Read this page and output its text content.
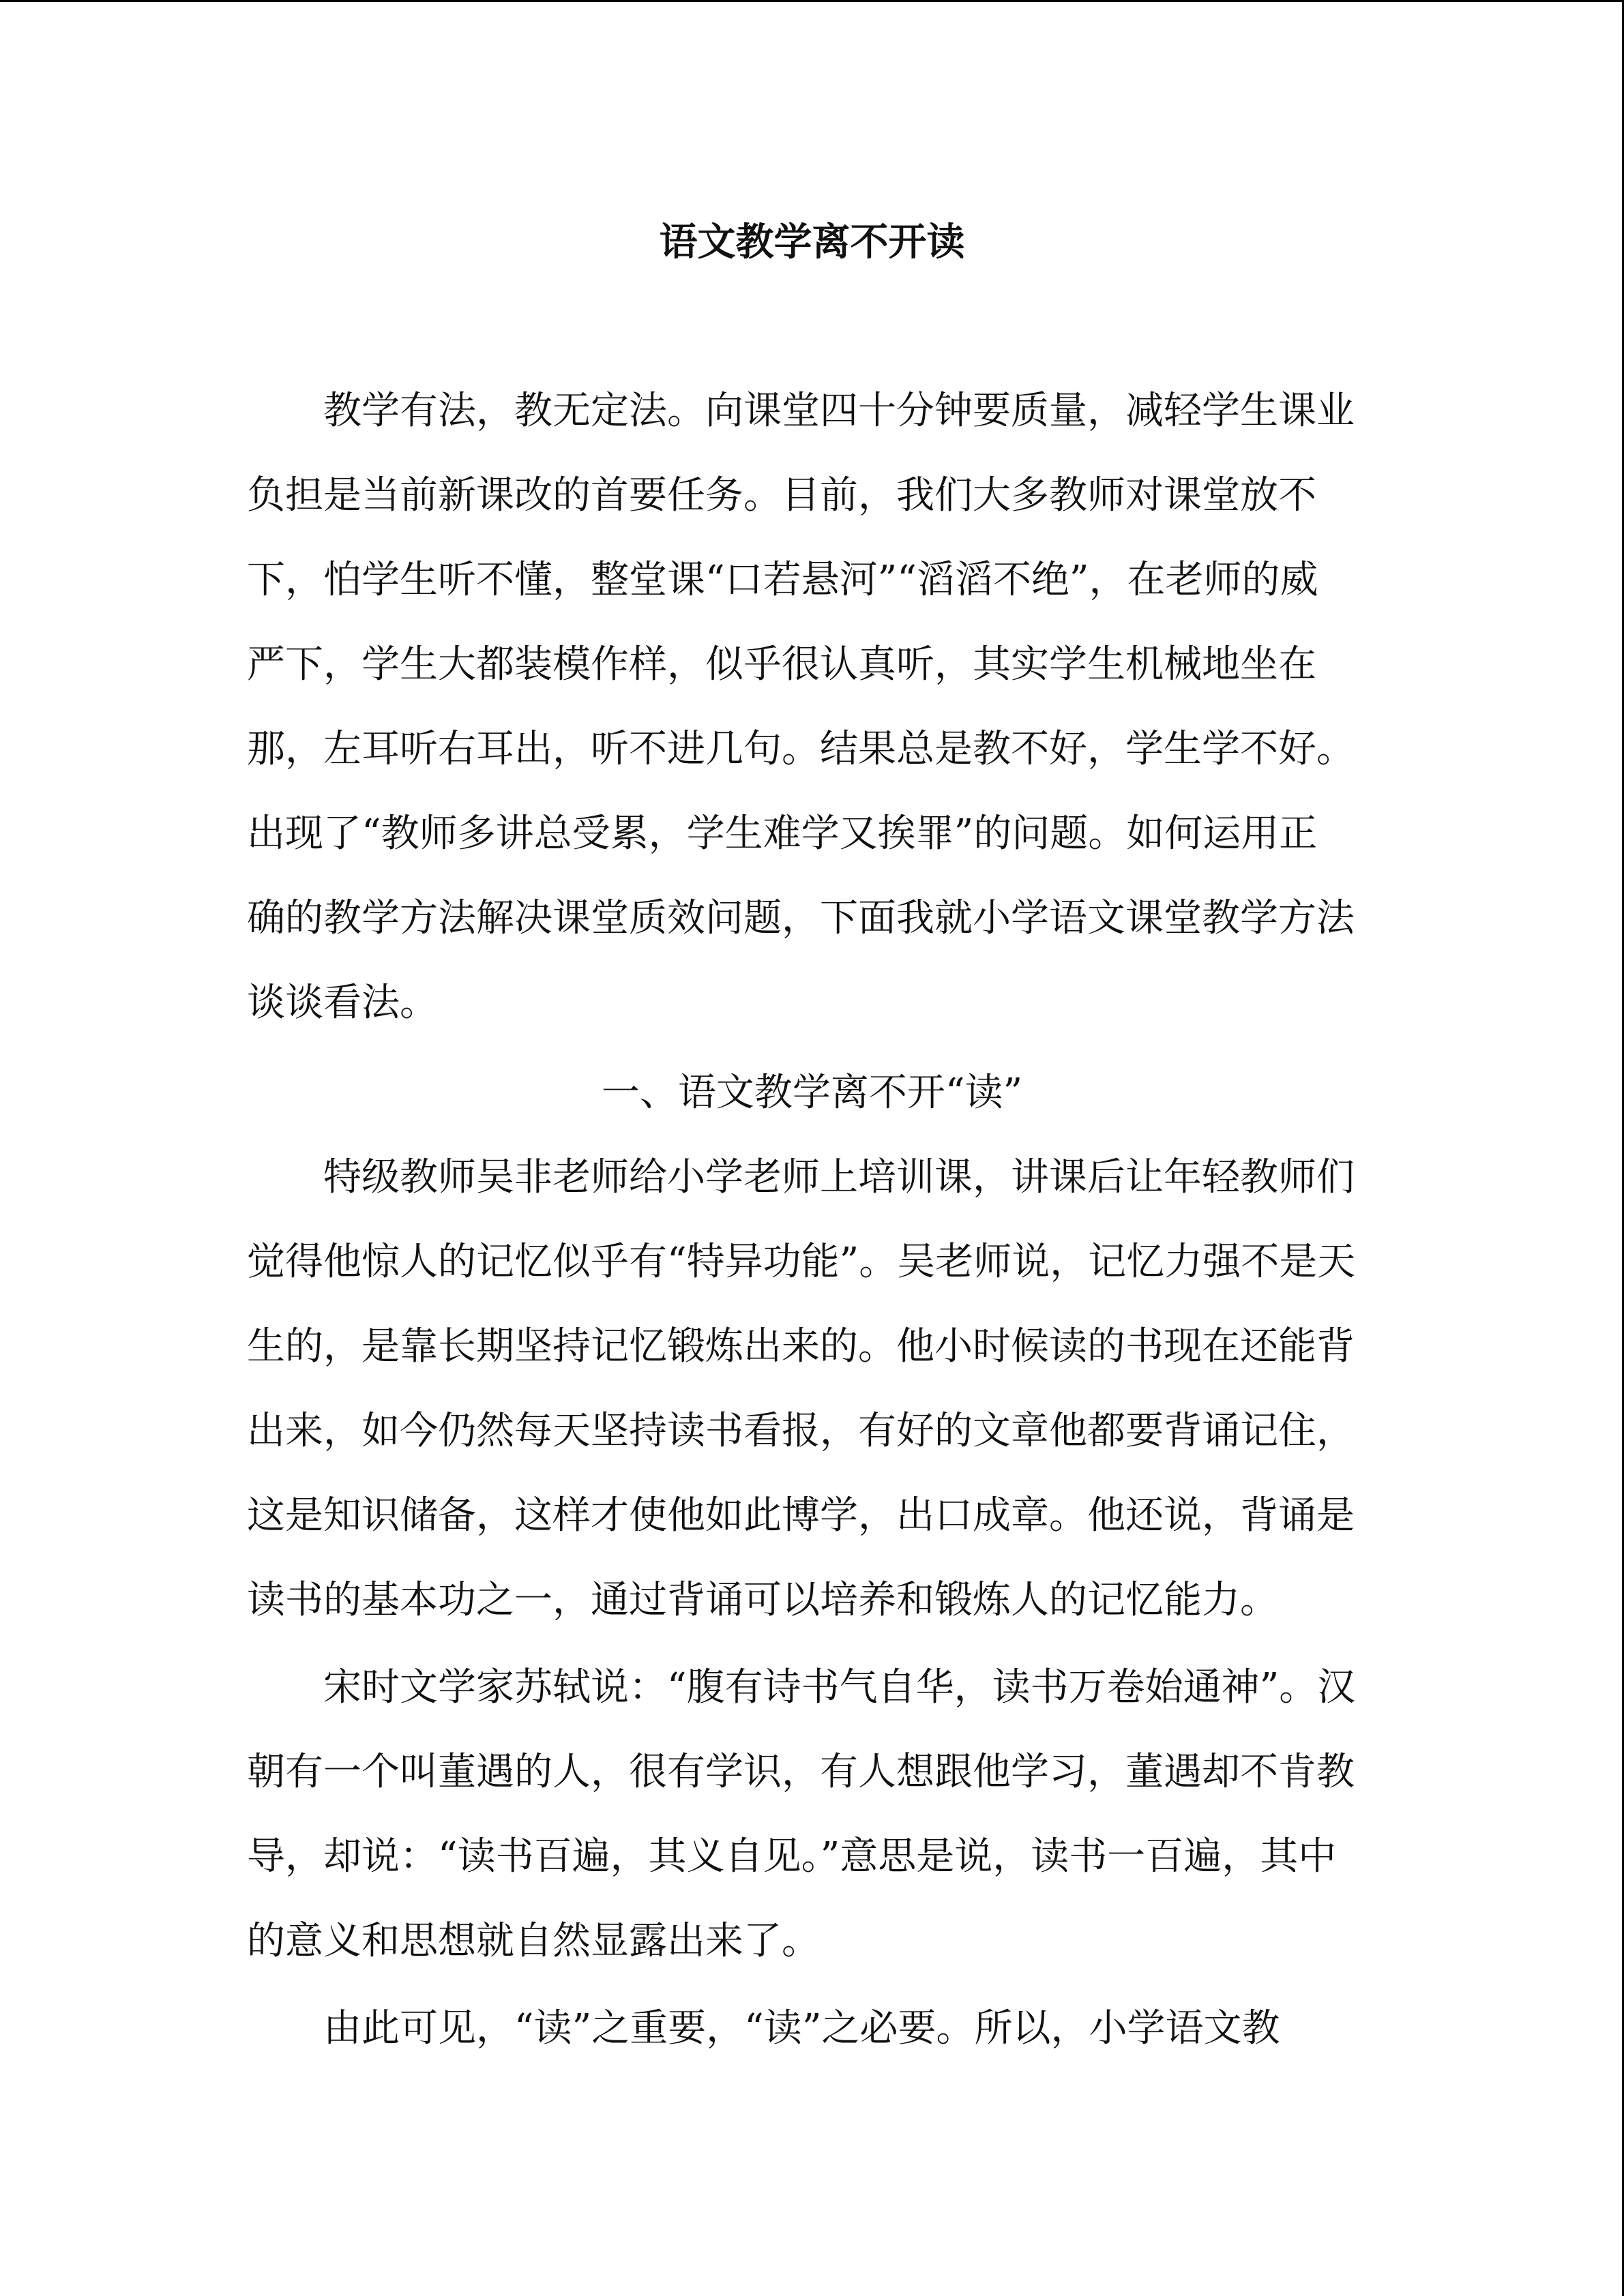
语文教学离不开读

教学有法，教无定法。向课堂四十分钟要质量，减轻学生课业

负担是当前新课改的首要任务。目前，我们大多教师对课堂放不

下，怕学生听不懂，整堂课“口若悬河”“滔滔不绝”，在老师的威

严下，学生大都装模作样，似乎很认真听，其实学生机械地坐在

那，左耳听右耳出，听不进几句。结果总是教不好，学生学不好。

出现了“教师多讲总受累，学生难学又挨罪”的问题。如何运用正

确的教学方法解决课堂质效问题，下面我就小学语文课堂教学方法

谈谈看法。

一、语文教学离不开“读”

特级教师吴非老师给小学老师上培训课，讲课后让年轻教师们

觉得他惊人的记忆似乎有“特异功能”。吴老师说，记忆力强不是天

生的，是靠长期坚持记忆锻炼出来的。他小时候读的书现在还能背

出来，如今仍然每天坚持读书看报，有好的文章他都要背诵记住，

这是知识储备，这样才使他如此博学，出口成章。他还说，背诵是

读书的基本功之一，通过背诵可以培养和锻炼人的记忆能力。

宋时文学家苏轼说：“腹有诗书气自华，读书万卷始通神”。汉

朝有一个叫董遇的人，很有学识，有人想跟他学习，董遇却不肯教

导，却说：“读书百遍，其义自见。”意思是说，读书一百遍，其中

的意义和思想就自然显露出来了。

由此可见，“读”之重要，“读”之必要。所以，小学语文教
